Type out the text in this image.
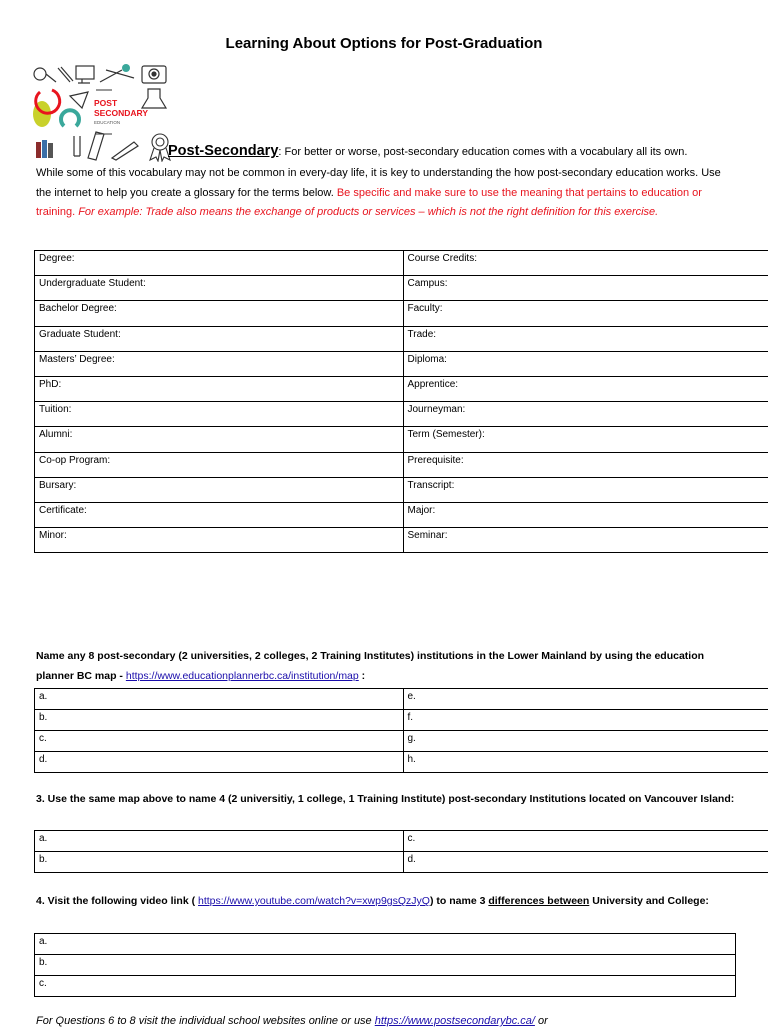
Learning About Options for Post-Graduation
POST
SECONDARY
EDUCATION
Post-Secondary: For better or worse, post-secondary education comes with a vocabulary all its own.
While some of this vocabulary may not be common in every-day life, it is key to understanding the how post-secondary education works. Use the internet to help you create a glossary for the terms below. Be specific and make sure to use the meaning that pertains to education or training. For example: Trade also means the exchange of products or services – which is not the right definition for this exercise.
Degree:	Course Credits:
Undergraduate Student:	Campus:
Bachelor Degree:	Faculty:
Graduate Student:	Trade:
Masters’ Degree:	Diploma:
PhD:	Apprentice:
Tuition:	Journeyman:
Alumni:	Term (Semester):
Co-op Program:	Prerequisite:
Bursary:	Transcript:
Certificate:	Major:
Minor:	Seminar:
Name any 8 post-secondary (2 universities, 2 colleges, 2 Training Institutes) institutions in the Lower Mainland by using the education planner BC map - https://www.educationplannerbc.ca/institution/map :
a.	e.
b.	f.
c.	g.
d.	h.
3. Use the same map above to name 4 (2 universitiy, 1 college, 1 Training Institute) post-secondary Institutions located on Vancouver Island:
a.	c.
b.	d.
4. Visit the following video link ( https://www.youtube.com/watch?v=xwp9gsQzJyQ) to name 3 differences between University and College:
a.
b.
c.
For Questions 6 to 8 visit the individual school websites online or use https://www.postsecondarybc.ca/ or
